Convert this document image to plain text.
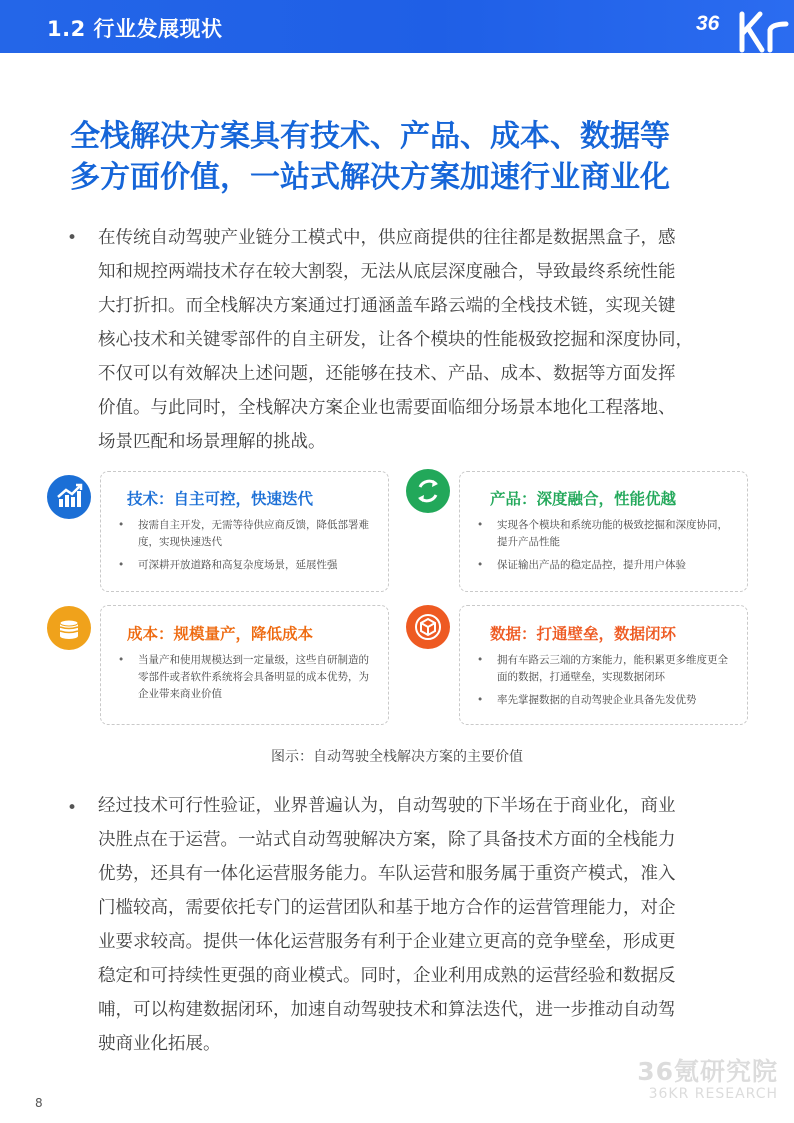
1.2 行业发展现状	36
全栈解决方案具有技术、产品、成本、数据等
多方面价值，一站式解决方案加速行业商业化
• 在传统自动驾驶产业链分工模式中，供应商提供的往往都是数据黑盒子，感
知和规控两端技术存在较大割裂，无法从底层深度融合，导致最终系统性能
大打折扣。而全栈解决方案通过打通涵盖车路云端的全栈技术链，实现关键
核心技术和关键零部件的自主研发，让各个模块的性能极致挖掘和深度协同，
不仅可以有效解决上述问题，还能够在技术、产品、成本、数据等方面发挥
价值。与此同时，全栈解决方案企业也需要面临细分场景本地化工程落地、
场景匹配和场景理解的挑战。
技术：自主可控，快速迭代
• 按需自主开发，无需等待供应商反馈，降低部署难度，实现快速迭代
• 可深耕开放道路和高复杂度场景，延展性强
产品：深度融合，性能优越
• 实现各个模块和系统功能的极致挖掘和深度协同，提升产品性能
• 保证输出产品的稳定品控，提升用户体验
成本：规模量产，降低成本
• 当量产和使用规模达到一定量级，这些自研制造的零部件或者软件系统将会具备明显的成本优势，为企业带来商业价值
数据：打通壁垒，数据闭环
• 拥有车路云三端的方案能力，能积累更多维度更全面的数据，打通壁垒，实现数据闭环
• 率先掌握数据的自动驾驶企业具备先发优势
图示：自动驾驶全栈解决方案的主要价值
• 经过技术可行性验证，业界普遍认为，自动驾驶的下半场在于商业化，商业
决胜点在于运营。一站式自动驾驶解决方案，除了具备技术方面的全栈能力
优势，还具有一体化运营服务能力。车队运营和服务属于重资产模式，准入
门槛较高，需要依托专门的运营团队和基于地方合作的运营管理能力，对企
业要求较高。提供一体化运营服务有利于企业建立更高的竞争壁垒，形成更
稳定和可持续性更强的商业模式。同时，企业利用成熟的运营经验和数据反
哺，可以构建数据闭环，加速自动驾驶技术和算法迭代，进一步推动自动驾
驶商业化拓展。
8
36氪研究院
36KR RESEARCH
